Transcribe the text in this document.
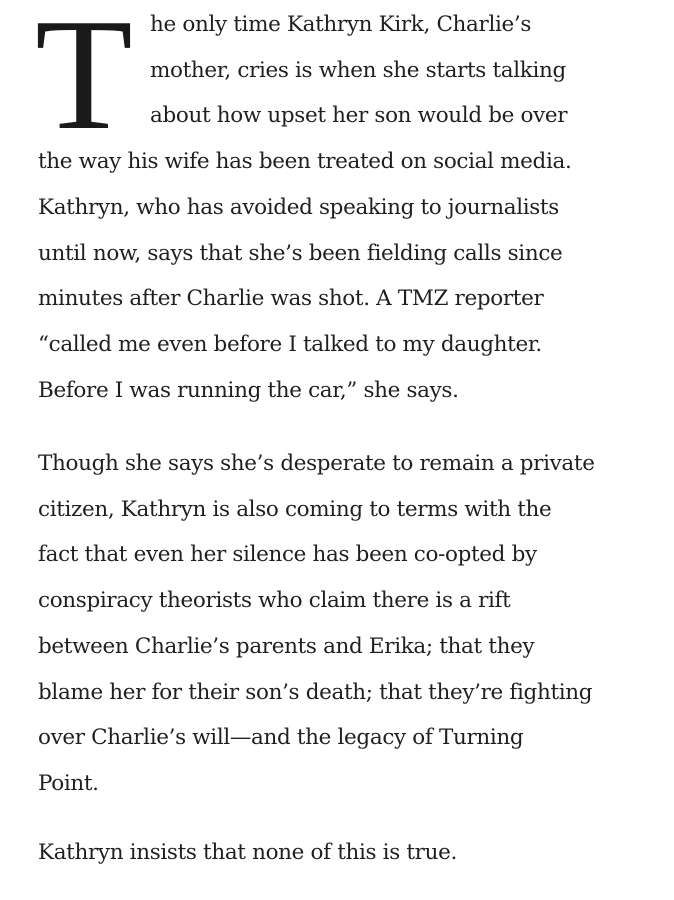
T he only time Kathryn Kirk, Charlie’s
mother, cries is when she starts talking
about how upset her son would be over
the way his wife has been treated on social media.
Kathryn, who has avoided speaking to journalists
until now, says that she’s been fielding calls since
minutes after Charlie was shot. A TMZ reporter
“called me even before I talked to my daughter.
Before I was running the car,” she says.
Though she says she’s desperate to remain a private
citizen, Kathryn is also coming to terms with the
fact that even her silence has been co-opted by
conspiracy theorists who claim there is a rift
between Charlie’s parents and Erika; that they
blame her for their son’s death; that they’re fighting
over Charlie’s will—and the legacy of Turning
Point.
Kathryn insists that none of this is true.
